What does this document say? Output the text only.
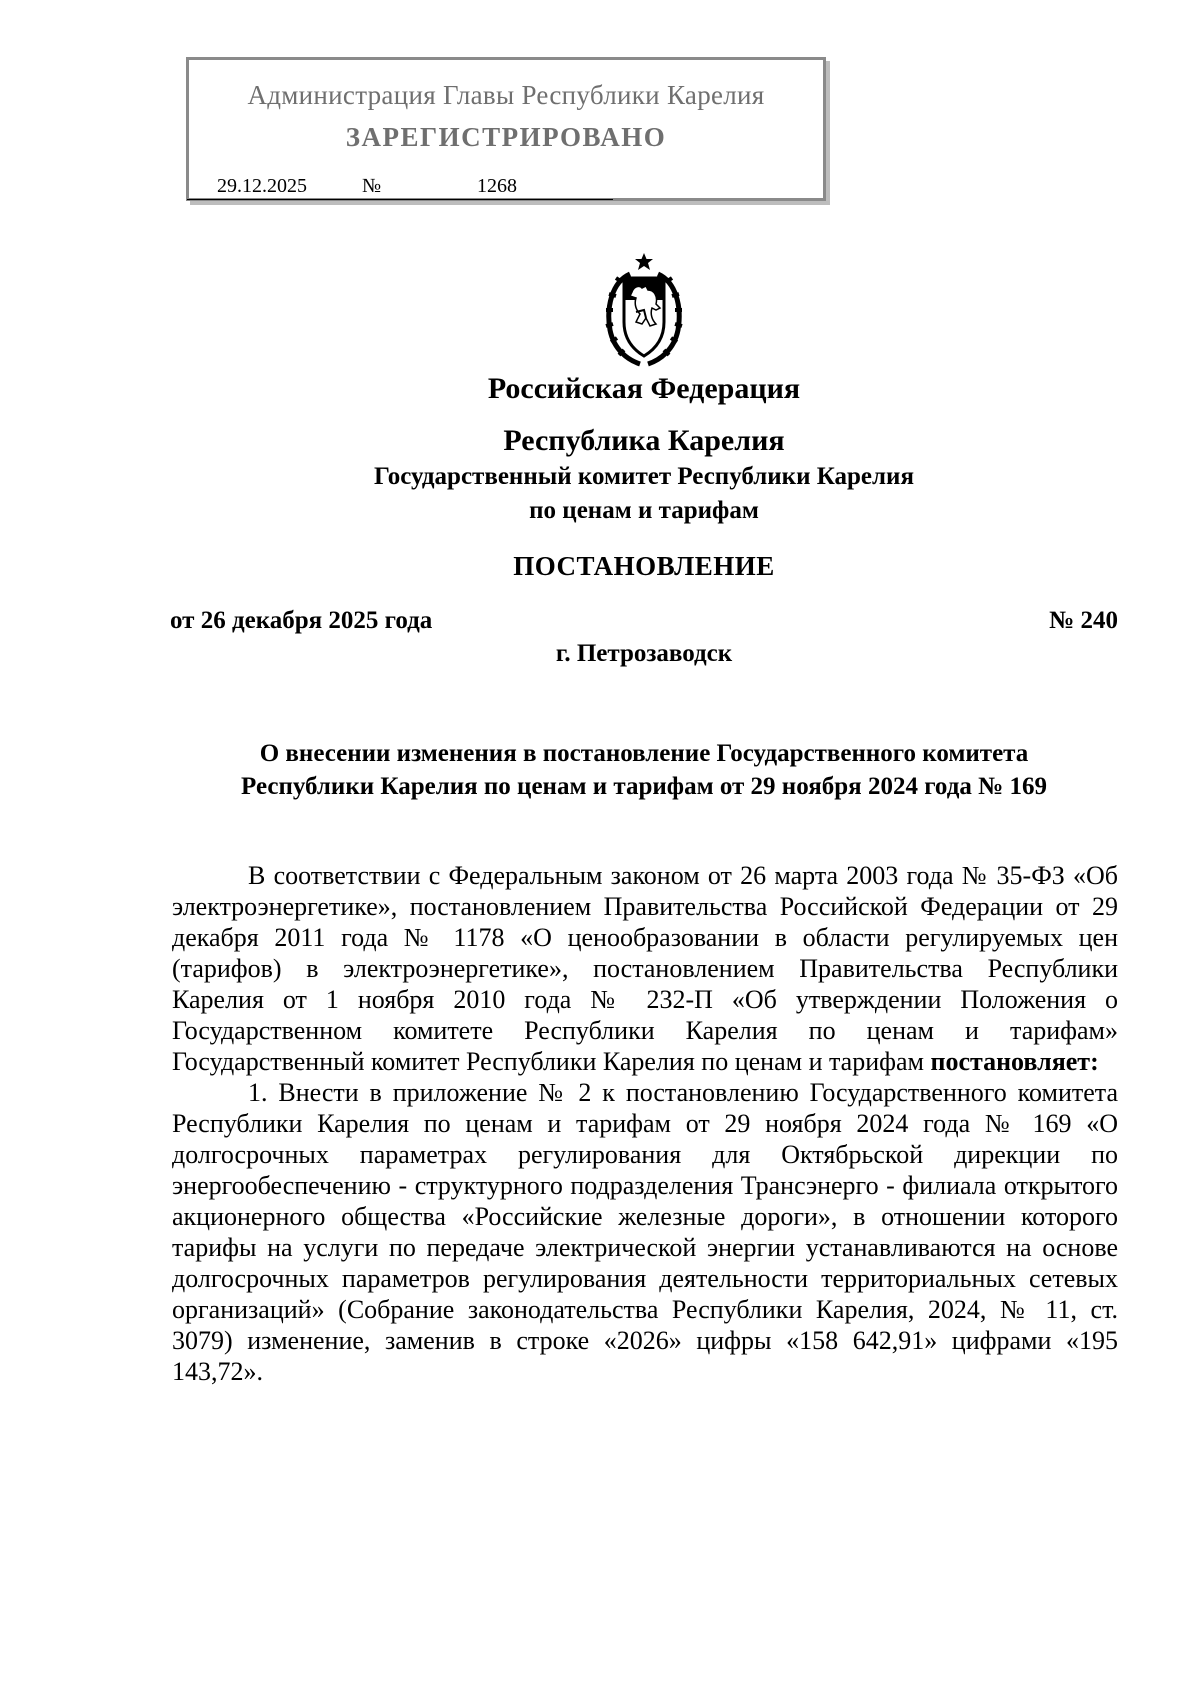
Администрация Главы Республики Карелия
ЗАРЕГИСТРИРОВАНО
29.12.2025	№	1268
Российская Федерация
Республика Карелия
Государственный комитет Республики Карелия
по ценам и тарифам
ПОСТАНОВЛЕНИЕ
от 26 декабря 2025 года	№ 240
г. Петрозаводск
О внесении изменения в постановление Государственного комитета
Республики Карелия по ценам и тарифам от 29 ноября 2024 года № 169

В соответствии с Федеральным законом от 26 марта 2003 года № 35-ФЗ «Об электроэнергетике», постановлением Правительства Российской Федерации от 29 декабря 2011 года № 1178 «О ценообразовании в области регулируемых цен (тарифов) в электроэнергетике», постановлением Правительства Республики Карелия от 1 ноября 2010 года № 232-П «Об утверждении Положения о Государственном комитете Республики Карелия по ценам и тарифам» Государственный комитет Республики Карелия по ценам и тарифам постановляет:

1. Внести в приложение № 2 к постановлению Государственного комитета Республики Карелия по ценам и тарифам от 29 ноября 2024 года № 169 «О долгосрочных параметрах регулирования для Октябрьской дирекции по энергообеспечению - структурного подразделения Трансэнерго - филиала открытого акционерного общества «Российские железные дороги», в отношении которого тарифы на услуги по передаче электрической энергии устанавливаются на основе долгосрочных параметров регулирования деятельности территориальных сетевых организаций» (Собрание законодательства Республики Карелия, 2024, № 11, ст. 3079) изменение, заменив в строке «2026» цифры «158 642,91» цифрами «195 143,72».
